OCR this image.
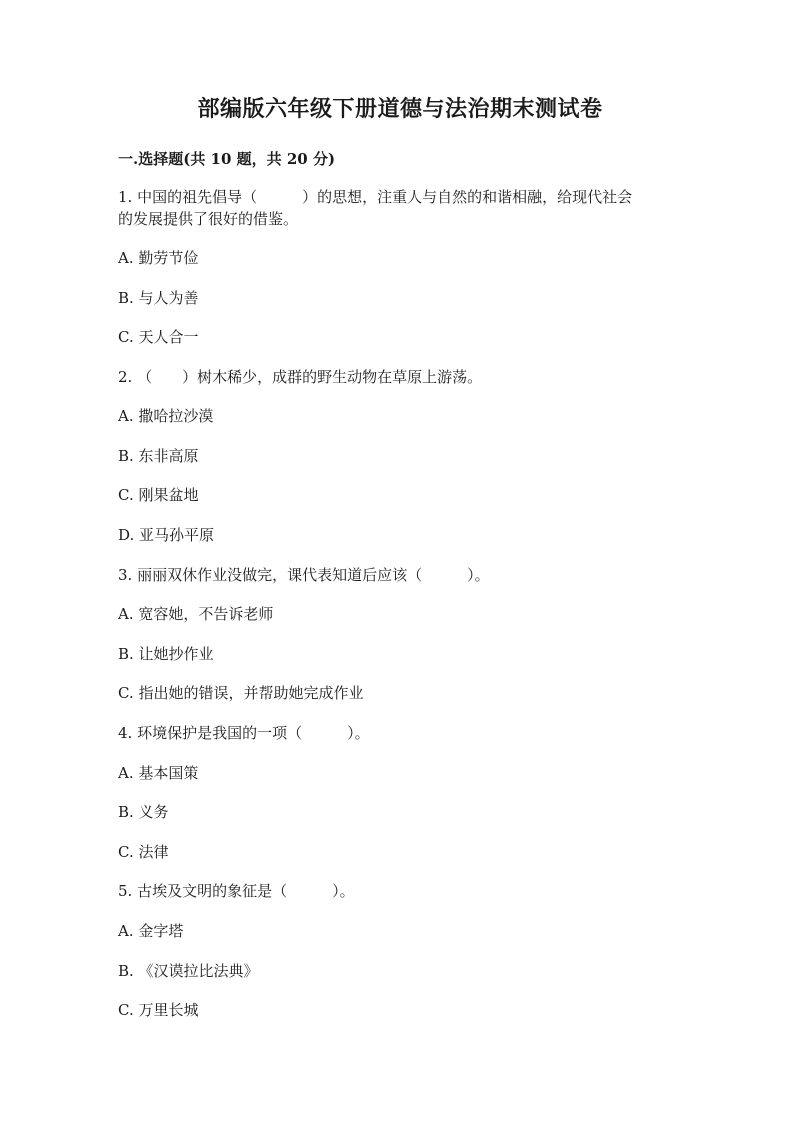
部编版六年级下册道德与法治期末测试卷
一.选择题(共 10 题，共 20 分)
1. 中国的祖先倡导（　　　）的思想，注重人与自然的和谐相融，给现代社会
的发展提供了很好的借鉴。
A. 勤劳节俭
B. 与人为善
C. 天人合一
2. （　　）树木稀少，成群的野生动物在草原上游荡。
A. 撒哈拉沙漠
B. 东非高原
C. 刚果盆地
D. 亚马孙平原
3. 丽丽双休作业没做完，课代表知道后应该（　　　）。
A. 宽容她，不告诉老师
B. 让她抄作业
C. 指出她的错误，并帮助她完成作业
4. 环境保护是我国的一项（　　　）。
A. 基本国策
B. 义务
C. 法律
5. 古埃及文明的象征是（　　　）。
A. 金字塔
B. 《汉谟拉比法典》
C. 万里长城
